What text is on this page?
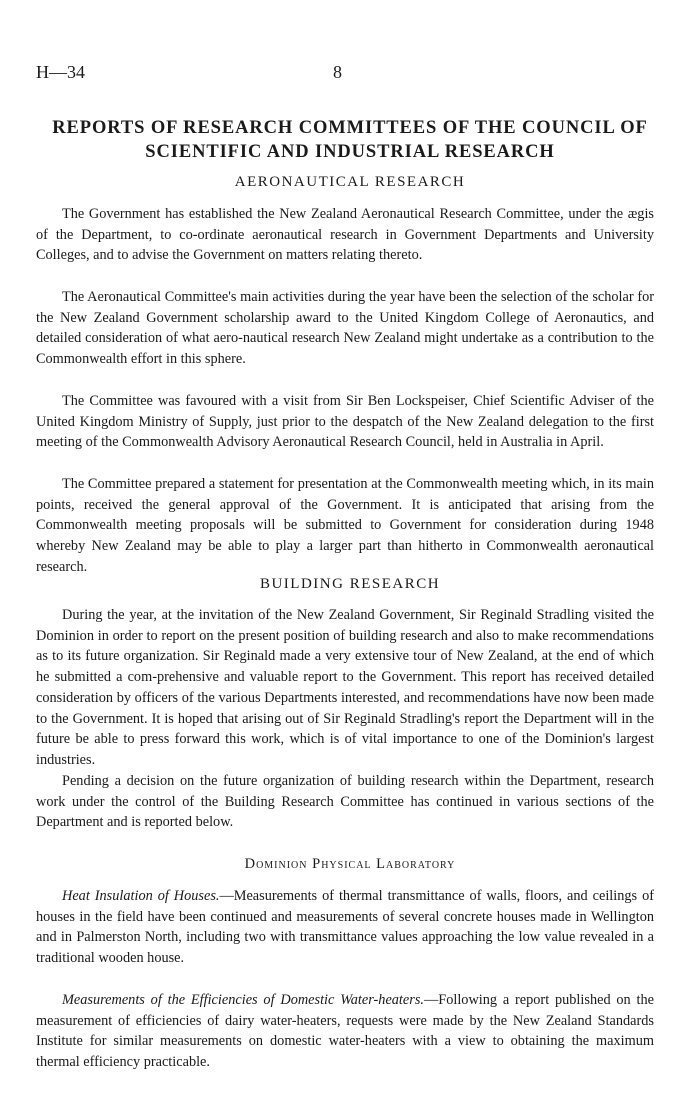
H—34	8
REPORTS OF RESEARCH COMMITTEES OF THE COUNCIL OF
SCIENTIFIC AND INDUSTRIAL RESEARCH
AERONAUTICAL RESEARCH

The Government has established the New Zealand Aeronautical Research Committee, under the ægis of the Department, to co-ordinate aeronautical research in Government Departments and University Colleges, and to advise the Government on matters relating thereto.

The Aeronautical Committee's main activities during the year have been the selection of the scholar for the New Zealand Government scholarship award to the United Kingdom College of Aeronautics, and detailed consideration of what aero-nautical research New Zealand might undertake as a contribution to the Commonwealth effort in this sphere.

The Committee was favoured with a visit from Sir Ben Lockspeiser, Chief Scientific Adviser of the United Kingdom Ministry of Supply, just prior to the despatch of the New Zealand delegation to the first meeting of the Commonwealth Advisory Aeronautical Research Council, held in Australia in April.

The Committee prepared a statement for presentation at the Commonwealth meeting which, in its main points, received the general approval of the Government. It is anticipated that arising from the Commonwealth meeting proposals will be submitted to Government for consideration during 1948 whereby New Zealand may be able to play a larger part than hitherto in Commonwealth aeronautical research.

BUILDING RESEARCH

During the year, at the invitation of the New Zealand Government, Sir Reginald Stradling visited the Dominion in order to report on the present position of building research and also to make recommendations as to its future organization. Sir Reginald made a very extensive tour of New Zealand, at the end of which he submitted a com-prehensive and valuable report to the Government. This report has received detailed consideration by officers of the various Departments interested, and recommendations have now been made to the Government. It is hoped that arising out of Sir Reginald Stradling's report the Department will in the future be able to press forward this work, which is of vital importance to one of the Dominion's largest industries.

Pending a decision on the future organization of building research within the Department, research work under the control of the Building Research Committee has continued in various sections of the Department and is reported below.

Dominion Physical Laboratory

Heat Insulation of Houses.—Measurements of thermal transmittance of walls, floors, and ceilings of houses in the field have been continued and measurements of several concrete houses made in Wellington and in Palmerston North, including two with transmittance values approaching the low value revealed in a traditional wooden house.

Measurements of the Efficiencies of Domestic Water-heaters.—Following a report published on the measurement of efficiencies of dairy water-heaters, requests were made by the New Zealand Standards Institute for similar measurements on domestic water-heaters with a view to obtaining the maximum thermal efficiency practicable.
